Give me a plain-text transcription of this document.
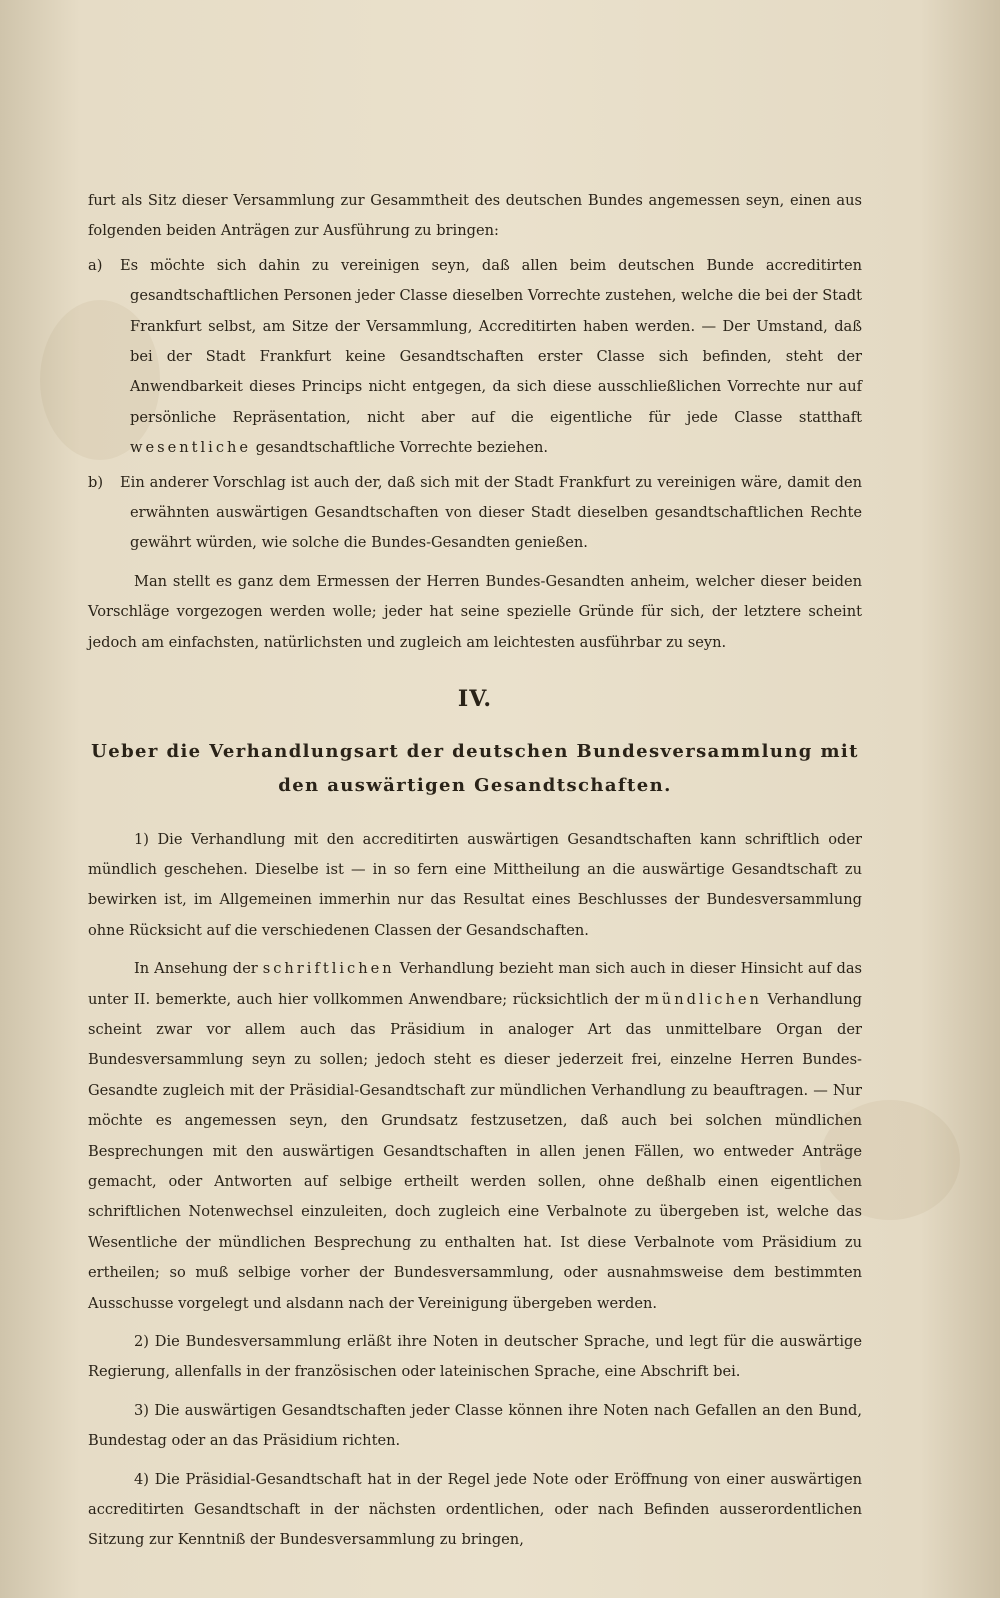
furt als Sitz dieser Versammlung zur Gesammtheit des deutschen Bundes angemessen seyn, einen aus folgenden beiden Anträgen zur Ausführung zu bringen:

a) Es möchte sich dahin zu vereinigen seyn, daß allen beim deutschen Bunde accreditirten gesandtschaftlichen Personen jeder Classe dieselben Vorrechte zustehen, welche die bei der Stadt Frankfurt selbst, am Sitze der Versammlung, Accreditirten haben werden. — Der Umstand, daß bei der Stadt Frankfurt keine Gesandtschaften erster Classe sich befinden, steht der Anwendbarkeit dieses Princips nicht entgegen, da sich diese ausschließlichen Vorrechte nur auf persönliche Repräsentation, nicht aber auf die eigentliche für jede Classe statthaft wesentliche gesandtschaftliche Vorrechte beziehen.

b) Ein anderer Vorschlag ist auch der, daß sich mit der Stadt Frankfurt zu vereinigen wäre, damit den erwähnten auswärtigen Gesandtschaften von dieser Stadt dieselben gesandtschaftlichen Rechte gewährt würden, wie solche die Bundes-Gesandten genießen.

Man stellt es ganz dem Ermessen der Herren Bundes-Gesandten anheim, welcher dieser beiden Vorschläge vorgezogen werden wolle; jeder hat seine spezielle Gründe für sich, der letztere scheint jedoch am einfachsten, natürlichsten und zugleich am leichtesten ausführbar zu seyn.

IV.
Ueber die Verhandlungsart der deutschen Bundesversammlung mit den auswärtigen Gesandtschaften.

1) Die Verhandlung mit den accreditirten auswärtigen Gesandtschaften kann schriftlich oder mündlich geschehen. Dieselbe ist — in so fern eine Mittheilung an die auswärtige Gesandtschaft zu bewirken ist, im Allgemeinen immerhin nur das Resultat eines Beschlusses der Bundesversammlung ohne Rücksicht auf die verschiedenen Classen der Gesandschaften.

In Ansehung der schriftlichen Verhandlung bezieht man sich auch in dieser Hinsicht auf das unter II. bemerkte, auch hier vollkommen Anwendbare; rücksichtlich der mündlichen Verhandlung scheint zwar vor allem auch das Präsidium in analoger Art das unmittelbare Organ der Bundesversammlung seyn zu sollen; jedoch steht es dieser jederzeit frei, einzelne Herren Bundes-Gesandte zugleich mit der Präsidial-Gesandtschaft zur mündlichen Verhandlung zu beauftragen. — Nur möchte es angemessen seyn, den Grundsatz festzusetzen, daß auch bei solchen mündlichen Besprechungen mit den auswärtigen Gesandtschaften in allen jenen Fällen, wo entweder Anträge gemacht, oder Antworten auf selbige ertheilt werden sollen, ohne deßhalb einen eigentlichen schriftlichen Notenwechsel einzuleiten, doch zugleich eine Verbalnote zu übergeben ist, welche das Wesentliche der mündlichen Besprechung zu enthalten hat. Ist diese Verbalnote vom Präsidium zu ertheilen; so muß selbige vorher der Bundesversammlung, oder ausnahmsweise dem bestimmten Ausschusse vorgelegt und alsdann nach der Vereinigung übergeben werden.

2) Die Bundesversammlung erläßt ihre Noten in deutscher Sprache, und legt für die auswärtige Regierung, allenfalls in der französischen oder lateinischen Sprache, eine Abschrift bei.

3) Die auswärtigen Gesandtschaften jeder Classe können ihre Noten nach Gefallen an den Bund, Bundestag oder an das Präsidium richten.

4) Die Präsidial-Gesandtschaft hat in der Regel jede Note oder Eröffnung von einer auswärtigen accreditirten Gesandtschaft in der nächsten ordentlichen, oder nach Befinden ausserordentlichen Sitzung zur Kenntniß der Bundesversammlung zu bringen,
